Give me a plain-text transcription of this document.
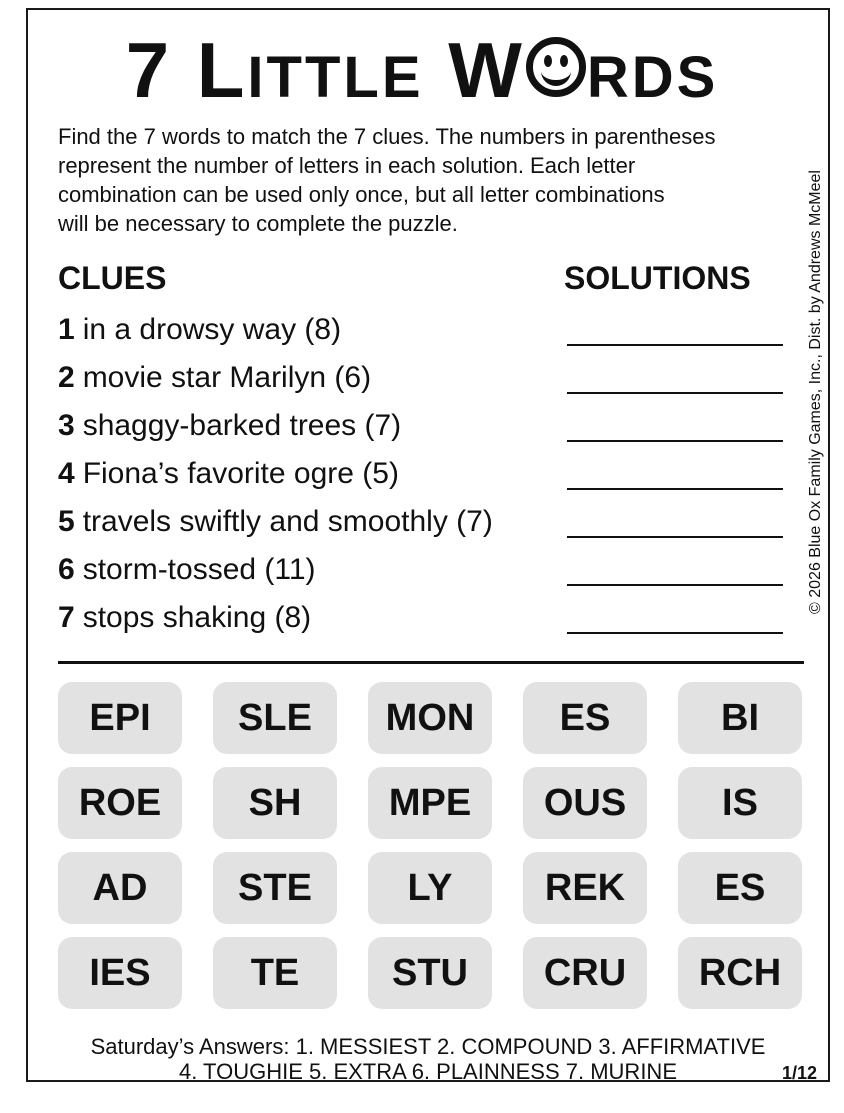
7 LITTLE W RDS
Find the 7 words to match the 7 clues. The numbers in parentheses
represent the number of letters in each solution. Each letter
combination can be used only once, but all letter combinations
will be necessary to complete the puzzle.	© 2026 Blue Ox Family Games, Inc., Dist. by Andrews McMeel
CLUES	SOLUTIONS
1 in a drowsy way (8)
2 movie star Marilyn (6)
3 shaggy-barked trees (7)
4 Fiona’s favorite ogre (5)
5 travels swiftly and smoothly (7)
6 storm-tossed (11)
7 stops shaking (8)
EPI	SLE	MON	ES	BI
ROE	SH	MPE	OUS	IS
AD	STE	LY	REK	ES
IES	TE	STU	CRU	RCH
Saturday’s Answers: 1. MESSIEST 2. COMPOUND 3. AFFIRMATIVE
4. TOUGHIE 5. EXTRA 6. PLAINNESS 7. MURINE	1/12
